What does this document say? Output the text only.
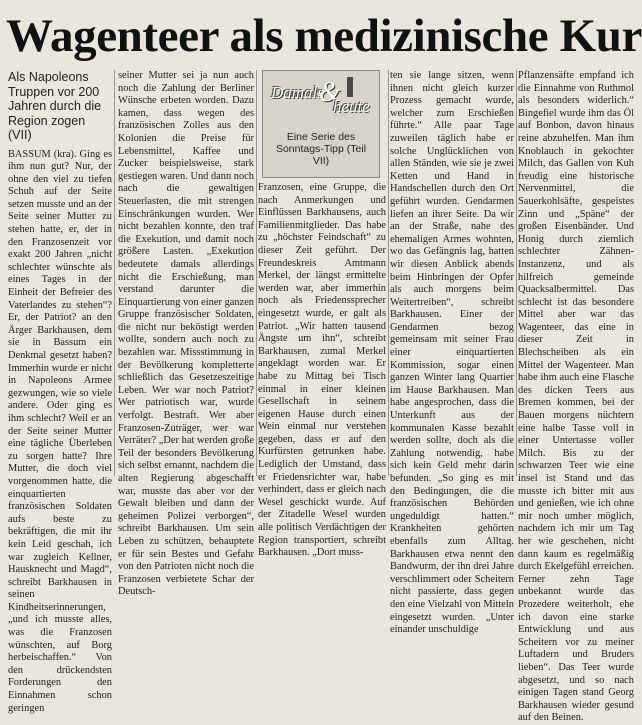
Wagenteer als medizinische Kur
Als Napoleons Truppen vor 200 Jahren durch die Region zogen (VII)
BASSUM (kra). Ging es ihm nun gut? Nur, der ohne den viel zu tiefen Schuh auf der Seite setzen musste und an der Seite seiner Mutter zu stehen hatte, er, der in den Franzosenzeit vor exakt 200 Jahren „nicht schlechter wünschte als eines Tages in der Einheit der Befreier des Vaterlandes zu stehen“? Er, der Patriot? an den Ärger Barkhausen, dem sie in Bassum ein Denkmal gesetzt haben? Immerhin wurde er nicht in Napoleons Armee gezwungen, wie so viele andere. Oder ging es ihm schlecht? Weil er an der Seite seiner Mutter eine tägliche Überleben zu sorgen hatte? Ihre Mutter, die doch viel vorgenommen hatte, die einquartierten französischen Soldaten aufs beste zu bekräftigen, die mit ihr kein Leid geschah, ich war zugleich Kellner, Hausknecht und Magd“, schreibt Barkhausen in seinen Kindheitserinnerungen, „und ich musste alles, was die Franzosen wünschten, auf Borg herbeischaffen.“ Von den drückendsten Forderungen den Einnahmen schon geringen
seiner Mutter sei ja nun auch noch die Zahlung der Berliner Wünsche erbeten worden. Dazu kamen, dass wegen des französischen Zolles aus den Kolonien die Preise für Lebensmittel, Kaffee und Zucker beispielsweise, stark gestiegen waren. Und dann noch nach die gewaltigen Steuerlasten, die mit strengen Einschränkungen wurden. Wer nicht bezahlen konnte, den traf die Exekution, und damit noch größere Lasten. „Exekution bedeutete damals allerdings nicht die Erschießung, man verstand darunter die Einquartierung von einer ganzen Gruppe französischer Soldaten, die nicht nur beköstigt werden wollte, sondern auch noch zu bezahlen war. Missstimmung in der Bevölkerung kompletterte schließlich das Gesetzeszeitige Leben. Wer war noch Patriot? Wer patriotisch war, wurde verfolgt. Bestraft. Wer aber Franzosen-Zuträger, wer war Verräter? „Der hat werden große Teil der besonders Bevölkerung sich selbst ernannt, nachdem die alten Regierung abgeschafft war, musste das aber vor der Gewalt bleiben und dann der geheimen Polizei verborgen“, schreibt Barkhausen. Um sein Leben zu schützen, behauptete er für sein Bestes und Gefahr von den Patrioten nicht noch die Franzosen verbietete Schar der Deutsch-
Damals
&
heute
Eine Serie des Sonntags-Tipp (Teil VII)
Franzosen, eine Gruppe, die nach Anmerkungen und Einflüssen Barkhausens, auch Familienmitglieder. Das habe zu „höchster Feindschaft“ zu dieser Zeit geführt. Der Freundeskreis Amtmann Merkel, der längst ermittelte werden war, aber immerhin noch als Friedenssprecher eingesetzt wurde, er galt als Patriot. „Wir hatten tausend Ängste um ihn“, schreibt Barkhausen, zumal Merkel angeklagt worden war. Er habe zu Mittag bei Tisch einmal in einer kleinen Gesellschaft in seinem eigenen Hause durch einen Wein einmal nur verstehen gegeben, dass er auf den Kurfürsten getrunken habe. Lediglich der Umstand, dass er Friedensrichter war, habe verhindert, dass er gleich nach Wesel geschickt wurde. Auf der Zitadelle Wesel wurden alle politisch Verdächtigen der Region transportiert, schreibt Barkhausen. „Dort muss-
ten sie lange sitzen, wenn ihnen nicht gleich kurzer Prozess gemacht wurde, welcher zum Erschießen führte.“ Alle paar Tage zuweilen täglich habe er solche Unglücklichen von allen Ständen, wie sie je zwei Ketten und Hand in Handschellen durch den Ort geführt wurden. Gendarmen liefen an ihrer Seite. Da wir an der Straße, nahe des ehemaligen Armes wohnten, wo das Gefängnis lag, hatten wir diesen Anblick abends beim Hinbringen der Opfer als auch morgens beim Weitertreiben“, schreibt Barkhausen. Einer der Gendarmen bezog gemeinsam mit seiner Frau einer einquartierten Kommission, sogar einen ganzen Winter lang Quartier im Hause Barkhausen. Man habe angesprochen, dass die Unterkunft aus der kommunalen Kasse bezahlt werden sollte, doch als die Zahlung notwendig, habe sich kein Geld mehr darin befunden. „So ging es mit den Bedingungen, die die französischen Behörden ungeduldigt hatten.“ Krankheiten gehörten ebenfalls zum Alltag. Barkhausen etwa nennt den Bandwurm, der ihn drei Jahre verschlimmert oder Scheitern nicht passierte, dass gegen den eine Vielzahl von Mitteln eingesetzt wurden. „Unter einander unschuldige
Pflanzensäfte empfand ich die Einnahme von Ruthmol als besonders widerlich.“ Bingefiel wurde ihm das Öl auf Bonbon, davon hinaus reine abzuhelfen. Man ihm Knoblauch in gekochter Milch, das Gallen von Kuh freudig eine historische Nervenmittel, die Sauerkohlsäfte, gespeistes Zinn und „Späne“ der großen Eisenbänder. Und Honig durch ziemlich schlechter Zähnen-Instanzenz, und als hilfreich gemeinde Quacksalbermittel. Das schlecht ist das besondere Mittel aber war das Wagenteer, das eine in dieser Zeit in Blechscheiben als ein Mittel der Wagenteer. Man habe ihm auch eine Flasche des dicken Teers aus Bremen kommen, bei der Bauen morgens nüchtern eine halbe Tasse voll in einer Untertasse voller Milch. Bis zu der schwarzen Teer wie eine insel ist Stand und das musste ich bitter mit aus und genießen, wie ich ohne mir noch umher möglich, nachdem ich mir um Tag her wie geschehen, nicht dann kaum es regelmäßig durch Ekelgefühl erreichen. Ferner zehn Tage unbekannt wurde das Prozedere weiterholt, ehe ich davon eine starke Entwicklung und aus Scheitern vor zu meiner Luftadern und Bruders lieben“. Das Teer wurde abgesetzt, und so nach einigen Tagen stand Georg Barkhausen wieder gesund auf den Beinen.
